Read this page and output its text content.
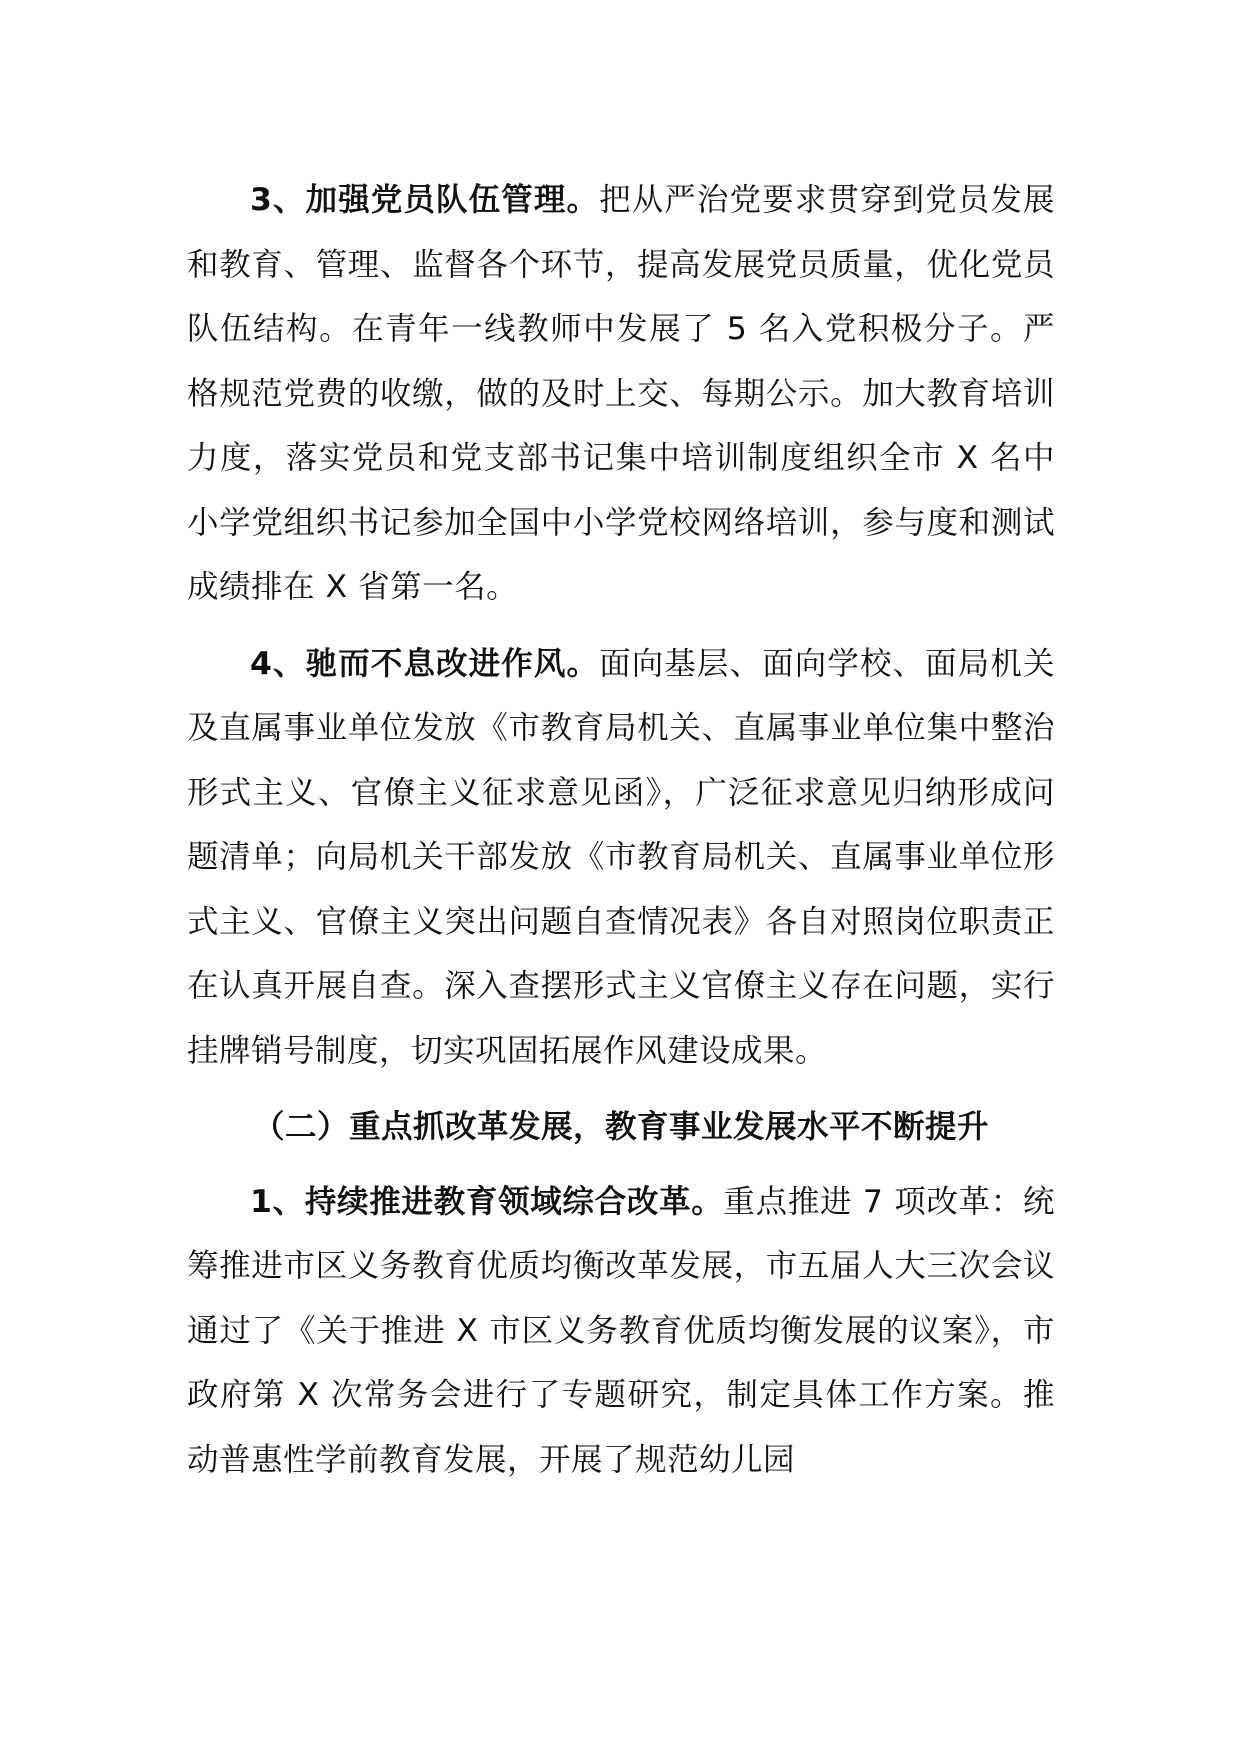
3、加强党员队伍管理。把从严治党要求贯穿到党员发展和教育、管理、监督各个环节，提高发展党员质量，优化党员队伍结构。在青年一线教师中发展了 5 名入党积极分子。严格规范党费的收缴，做的及时上交、每期公示。加大教育培训力度，落实党员和党支部书记集中培训制度组织全市 X 名中小学党组织书记参加全国中小学党校网络培训，参与度和测试成绩排在 X 省第一名。

4、驰而不息改进作风。面向基层、面向学校、面局机关及直属事业单位发放《市教育局机关、直属事业单位集中整治形式主义、官僚主义征求意见函》，广泛征求意见归纳形成问题清单；向局机关干部发放《市教育局机关、直属事业单位形式主义、官僚主义突出问题自查情况表》各自对照岗位职责正在认真开展自查。深入查摆形式主义官僚主义存在问题，实行挂牌销号制度，切实巩固拓展作风建设成果。

（二）重点抓改革发展，教育事业发展水平不断提升

1、持续推进教育领域综合改革。重点推进 7 项改革：统筹推进市区义务教育优质均衡改革发展，市五届人大三次会议通过了《关于推进 X 市区义务教育优质均衡发展的议案》，市政府第 X 次常务会进行了专题研究，制定具体工作方案。推动普惠性学前教育发展，开展了规范幼儿园
